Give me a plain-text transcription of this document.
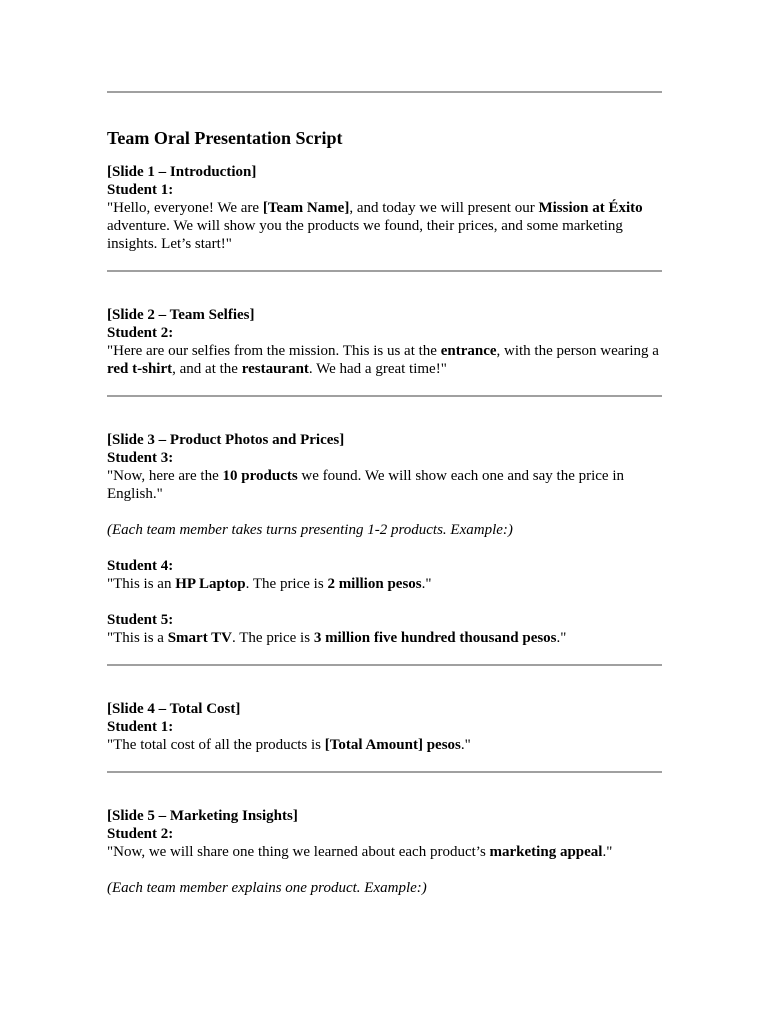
Team Oral Presentation Script

[Slide 1 – Introduction]

Student 1:

"Hello, everyone! We are [Team Name], and today we will present our Mission at Éxito adventure. We will show you the products we found, their prices, and some marketing insights. Let’s start!"

[Slide 2 – Team Selfies]

Student 2:

"Here are our selfies from the mission. This is us at the entrance, with the person wearing a red t-shirt, and at the restaurant. We had a great time!"

[Slide 3 – Product Photos and Prices]

Student 3:

"Now, here are the 10 products we found. We will show each one and say the price in English."

(Each team member takes turns presenting 1-2 products. Example:)

Student 4:

"This is an HP Laptop. The price is 2 million pesos."

Student 5:

"This is a Smart TV. The price is 3 million five hundred thousand pesos."

[Slide 4 – Total Cost]

Student 1:

"The total cost of all the products is [Total Amount] pesos."

[Slide 5 – Marketing Insights]

Student 2:

"Now, we will share one thing we learned about each product’s marketing appeal."

(Each team member explains one product. Example:)
